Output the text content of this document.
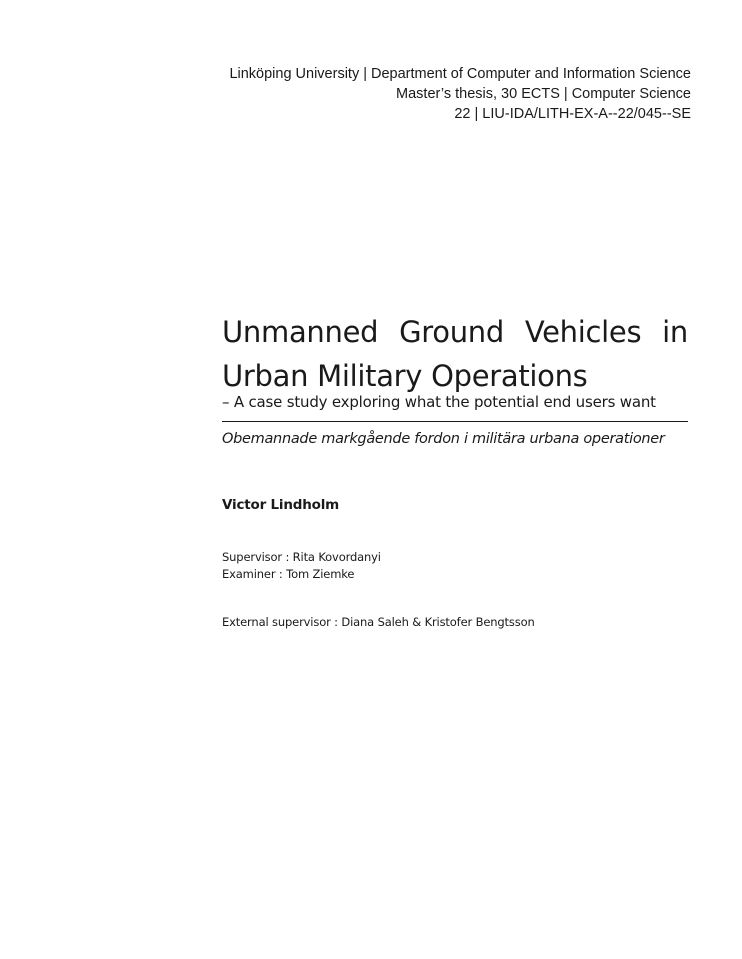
Linköping University | Department of Computer and Information Science
Master’s thesis, 30 ECTS | Computer Science
22 | LIU-IDA/LITH-EX-A--22/045--SE
Unmanned Ground Vehicles in
Urban Military Operations
– A case study exploring what the potential end users want
Obemannade markgående fordon i militära urbana operationer
Victor Lindholm
Supervisor : Rita Kovordanyi
Examiner : Tom Ziemke
External supervisor : Diana Saleh & Kristofer Bengtsson
